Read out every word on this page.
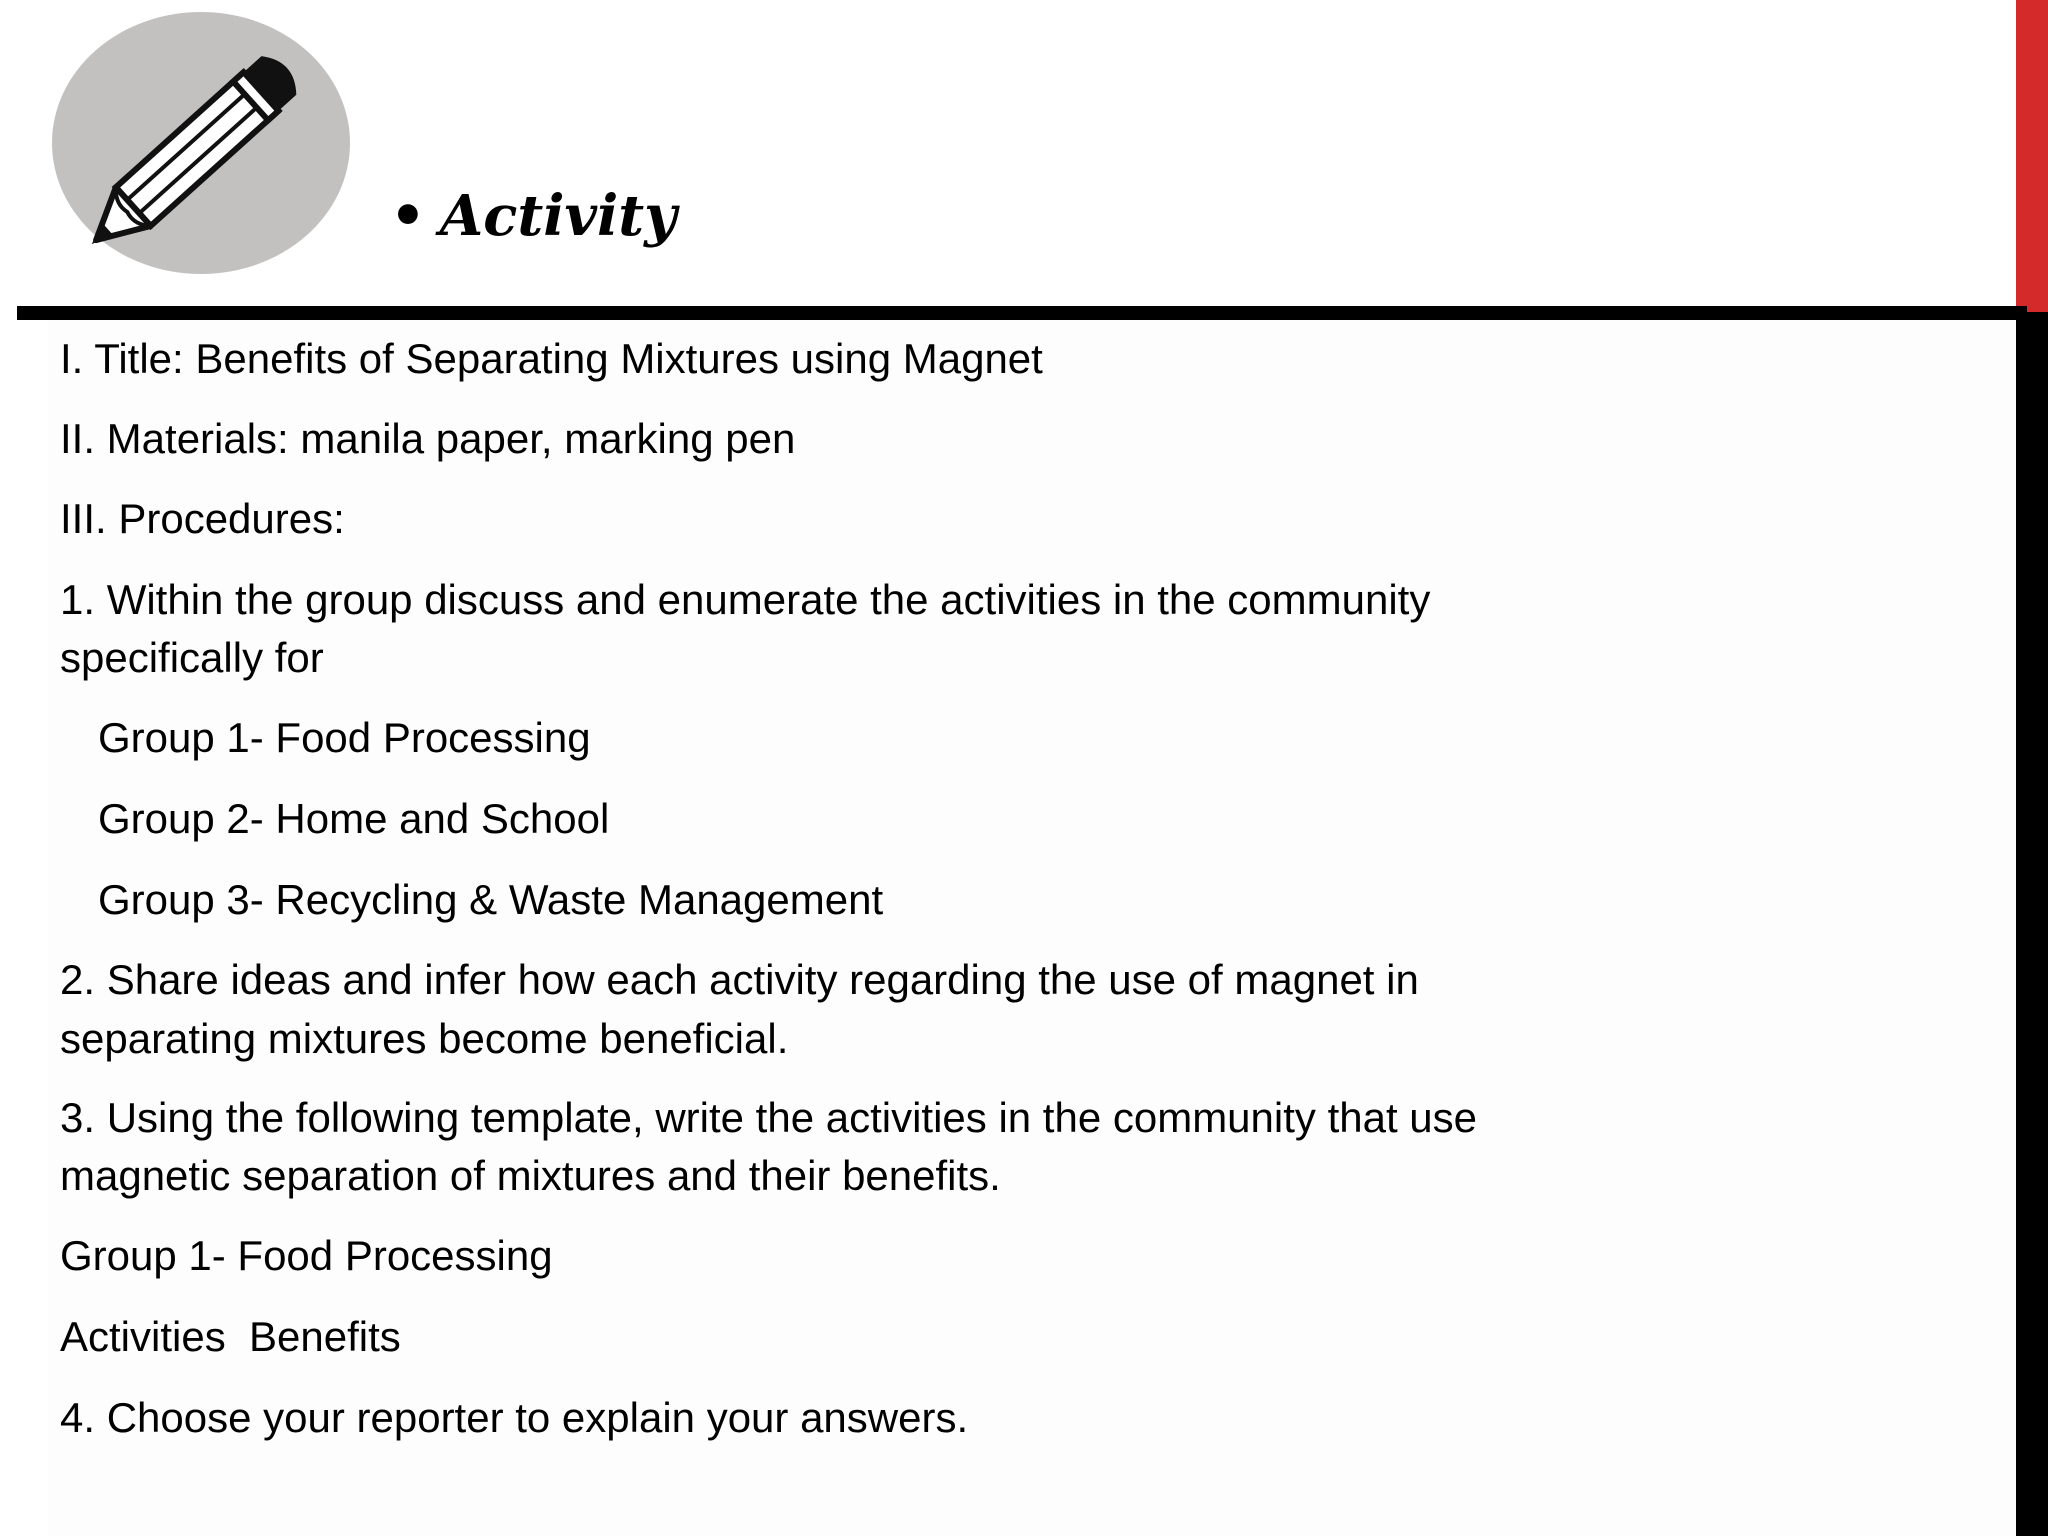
• Activity

I. Title: Benefits of Separating Mixtures using Magnet

II. Materials: manila paper, marking pen

III. Procedures:

1. Within the group discuss and enumerate the activities in the community

specifically for

Group 1- Food Processing

Group 2- Home and School

Group 3- Recycling & Waste Management

2. Share ideas and infer how each activity regarding the use of magnet in

separating mixtures become beneficial.

3. Using the following template, write the activities in the community that use

magnetic separation of mixtures and their benefits.

Group 1- Food Processing

Activities  Benefits

4. Choose your reporter to explain your answers.
